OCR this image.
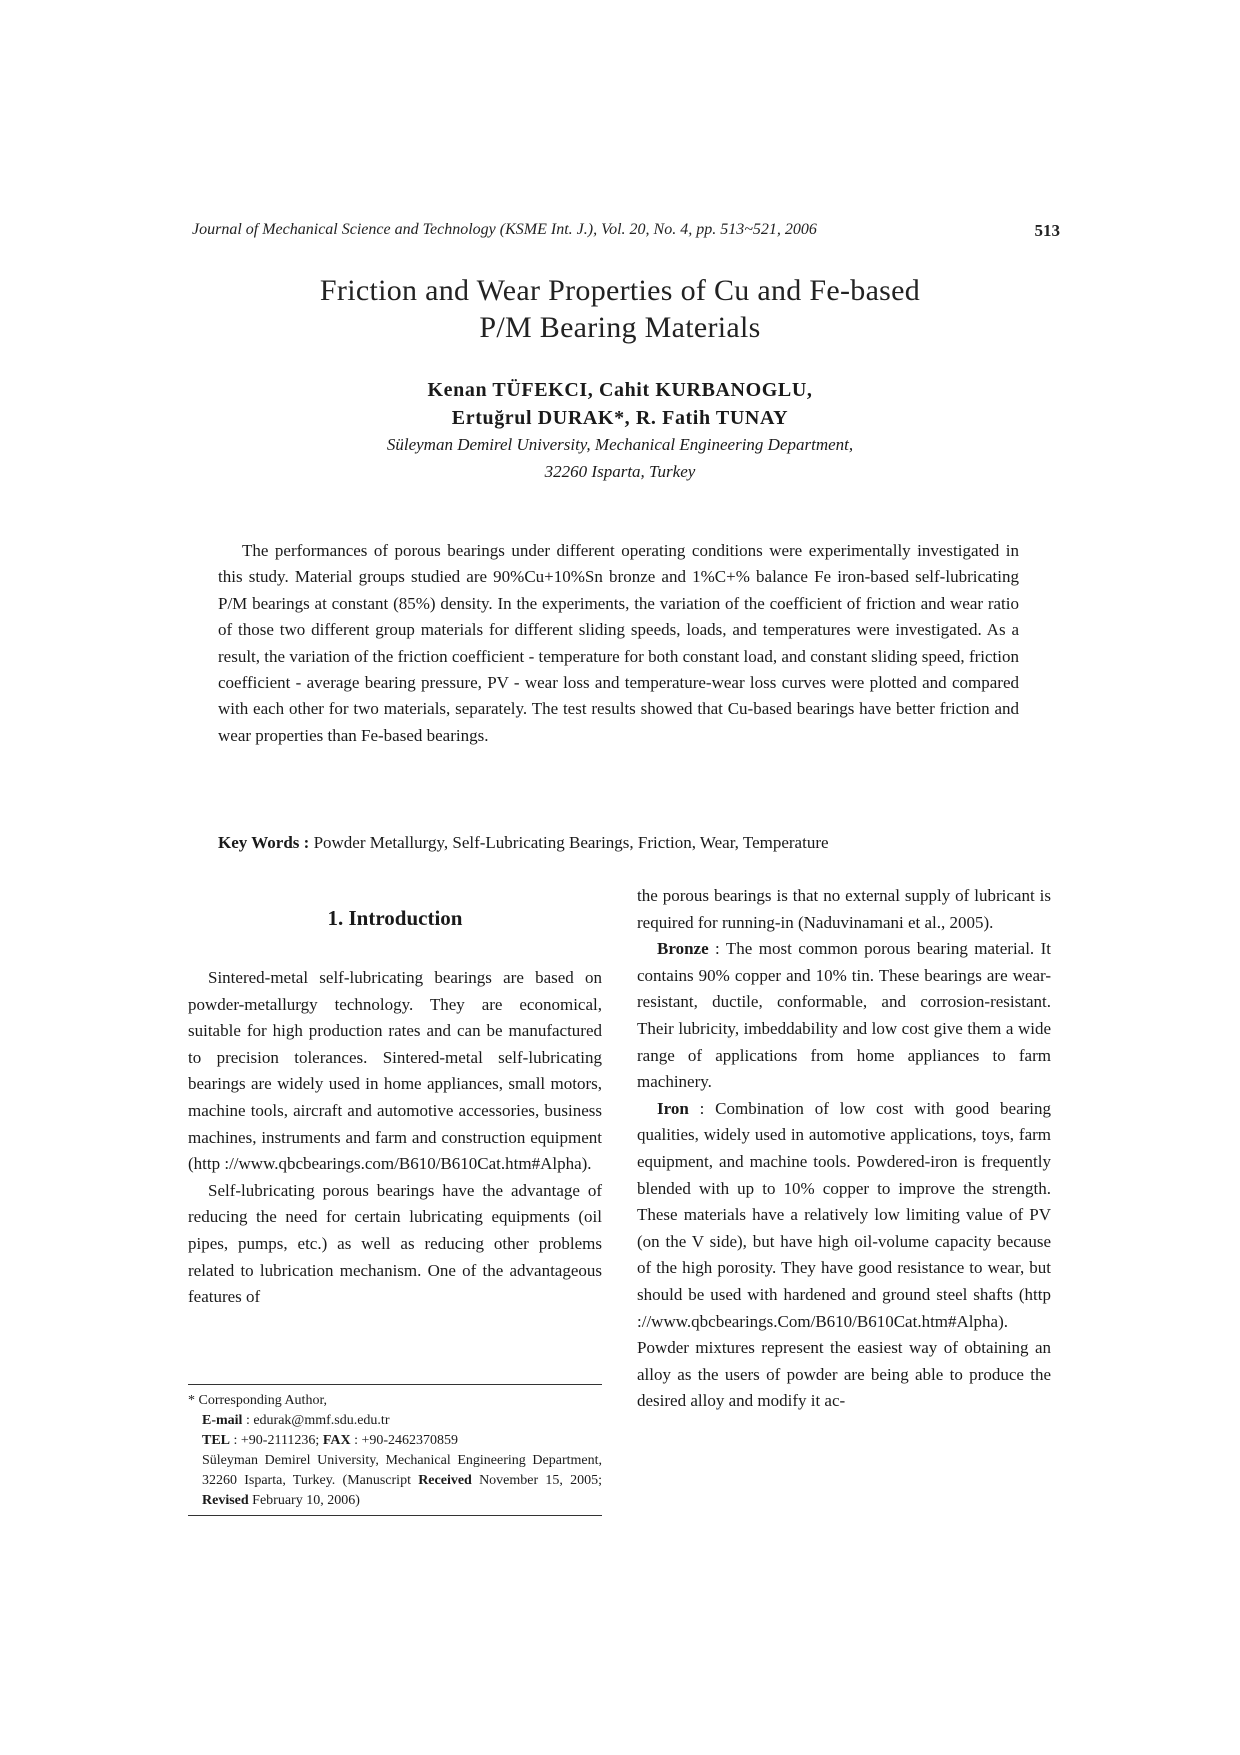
Journal of Mechanical Science and Technology (KSME Int. J.), Vol. 20, No. 4, pp. 513~521, 2006	513
Friction and Wear Properties of Cu and Fe-based
P/M Bearing Materials
Kenan TÜFEKCI, Cahit KURBANOGLU,
Ertuğrul DURAK*, R. Fatih TUNAY
Süleyman Demirel University, Mechanical Engineering Department,
32260 Isparta, Turkey

The performances of porous bearings under different operating conditions were experimentally investigated in this study. Material groups studied are 90%Cu+10%Sn bronze and 1%C+% balance Fe iron-based self-lubricating P/M bearings at constant (85%) density. In the experiments, the variation of the coefficient of friction and wear ratio of those two different group materials for different sliding speeds, loads, and temperatures were investigated. As a result, the variation of the friction coefficient - temperature for both constant load, and constant sliding speed, friction coefficient - average bearing pressure, PV - wear loss and temperature-wear loss curves were plotted and compared with each other for two materials, separately. The test results showed that Cu-based bearings have better friction and wear properties than Fe-based bearings.

Key Words : Powder Metallurgy, Self-Lubricating Bearings, Friction, Wear, Temperature
1. Introduction

Sintered-metal self-lubricating bearings are based on powder-metallurgy technology. They are economical, suitable for high production rates and can be manufactured to precision tolerances. Sintered-metal self-lubricating bearings are widely used in home appliances, small motors, machine tools, aircraft and automotive accessories, business machines, instruments and farm and construction equipment (http ://www.qbcbearings.com/B610/B610Cat.htm#Alpha).

Self-lubricating porous bearings have the advantage of reducing the need for certain lubricating equipments (oil pipes, pumps, etc.) as well as reducing other problems related to lubrication mechanism. One of the advantageous features of

the porous bearings is that no external supply of lubricant is required for running-in (Naduvinamani et al., 2005).

Bronze : The most common porous bearing material. It contains 90% copper and 10% tin. These bearings are wear-resistant, ductile, conformable, and corrosion-resistant. Their lubricity, imbeddability and low cost give them a wide range of applications from home appliances to farm machinery.

Iron : Combination of low cost with good bearing qualities, widely used in automotive applications, toys, farm equipment, and machine tools. Powdered-iron is frequently blended with up to 10% copper to improve the strength. These materials have a relatively low limiting value of PV (on the V side), but have high oil-volume capacity because of the high porosity. They have good resistance to wear, but should be used with hardened and ground steel shafts (http ://www.qbcbearings.Com/B610/B610Cat.htm#Alpha). Powder mixtures represent the easiest way of obtaining an alloy as the users of powder are being able to produce the desired alloy and modify it ac-

* Corresponding Author,
E-mail : edurak@mmf.sdu.edu.tr
TEL : +90-2111236; FAX : +90-2462370859
Süleyman Demirel University, Mechanical Engineering Department, 32260 Isparta, Turkey. (Manuscript Received November 15, 2005; Revised February 10, 2006)
